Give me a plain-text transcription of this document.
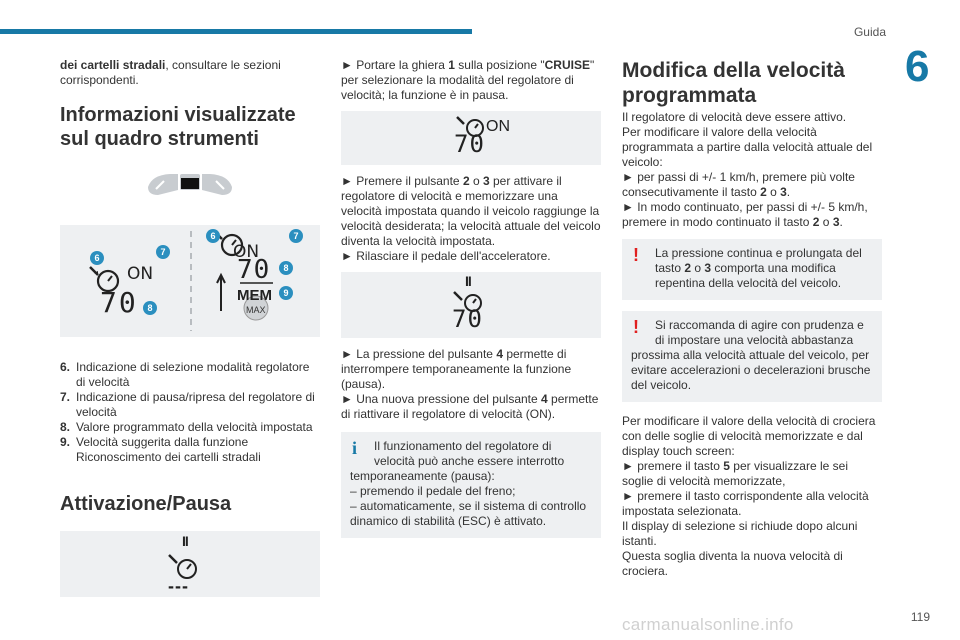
Guida
6

dei cartelli stradali, consultare le sezioni corrispondenti.

Informazioni visualizzate sul quadro strumenti
ON
70
ON
70
MEM
MAX
6
7
8
6	7
8
9
6. Indicazione di selezione modalità regolatore di velocità
7. Indicazione di pausa/ripresa del regolatore di velocità
8. Valore programmato della velocità impostata
9. Velocità suggerita dalla funzione Riconoscimento dei cartelli stradali
Attivazione/Pausa
II
---

► Portare la ghiera 1 sulla posizione "CRUISE" per selezionare la modalità del regolatore di velocità; la funzione è in pausa.

ON
70

► Premere il pulsante 2 o 3 per attivare il regolatore di velocità e memorizzare una velocità impostata quando il veicolo raggiunge la velocità desiderata; la velocità attuale del veicolo diventa la velocità impostata.

► Rilasciare il pedale dell'acceleratore.

II
70

► La pressione del pulsante 4 permette di interrompere temporaneamente la funzione (pausa).

► Una nuova pressione del pulsante 4 permette di riattivare il regolatore di velocità (ON).

i	Il funzionamento del regolatore di velocità può anche essere interrotto

temporaneamente (pausa):

– premendo il pedale del freno;

– automaticamente, se il sistema di controllo dinamico di stabilità (ESC) è attivato.

Modifica della velocità programmata

Il regolatore di velocità deve essere attivo.

Per modificare il valore della velocità programmata a partire dalla velocità attuale del veicolo:

► per passi di +/- 1 km/h, premere più volte consecutivamente il tasto 2 o 3.

► In modo continuato, per passi di +/- 5 km/h, premere in modo continuato il tasto 2 o 3.

!	La pressione continua e prolungata del tasto 2 o 3 comporta una modifica repentina della velocità del veicolo.

!	Si raccomanda di agire con prudenza e di impostare una velocità abbastanza

prossima alla velocità attuale del veicolo, per evitare accelerazioni o decelerazioni brusche del veicolo.

Per modificare il valore della velocità di crociera con delle soglie di velocità memorizzate e dal display touch screen:

► premere il tasto 5 per visualizzare le sei soglie di velocità memorizzate,

► premere il tasto corrispondente alla velocità impostata selezionata.

Il display di selezione si richiude dopo alcuni istanti.

Questa soglia diventa la nuova velocità di crociera.

119
carmanualsonline.info
